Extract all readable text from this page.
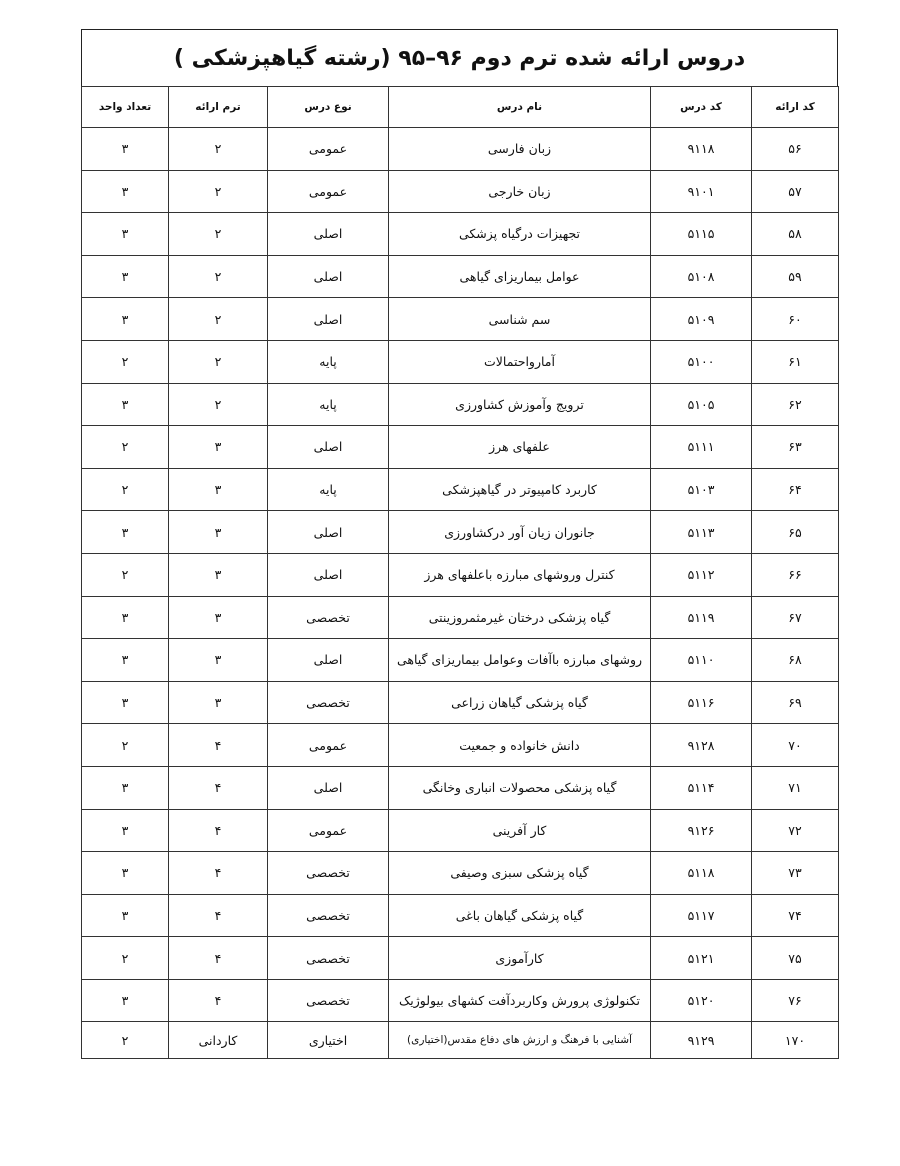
دروس ارائه شده ترم دوم ۹۶–۹۵ (رشته گیاهپزشکی )
کد ارائه	کد درس	نام درس	نوع درس	ترم ارائه	تعداد واحد
۵۶	۹۱۱۸	زبان فارسی	عمومی	۲	۳
۵۷	۹۱۰۱	زبان خارجی	عمومی	۲	۳
۵۸	۵۱۱۵	تجهیزات درگیاه پزشکی	اصلی	۲	۳
۵۹	۵۱۰۸	عوامل بیماریزای گیاهی	اصلی	۲	۳
۶۰	۵۱۰۹	سم شناسی	اصلی	۲	۳
۶۱	۵۱۰۰	آمارواحتمالات	پایه	۲	۲
۶۲	۵۱۰۵	ترویج وآموزش کشاورزی	پایه	۲	۳
۶۳	۵۱۱۱	علفهای هرز	اصلی	۳	۲
۶۴	۵۱۰۳	کاربرد کامپیوتر در گیاهپزشکی	پایه	۳	۲
۶۵	۵۱۱۳	جانوران زیان آور درکشاورزی	اصلی	۳	۳
۶۶	۵۱۱۲	کنترل وروشهای مبارزه باعلفهای هرز	اصلی	۳	۲
۶۷	۵۱۱۹	گیاه پزشکی درختان غیرمثمروزینتی	تخصصی	۳	۳
۶۸	۵۱۱۰	روشهای مبارزه باآفات وعوامل بیماریزای گیاهی	اصلی	۳	۳
۶۹	۵۱۱۶	گیاه پزشکی گیاهان زراعی	تخصصی	۳	۳
۷۰	۹۱۲۸	دانش خانواده و جمعیت	عمومی	۴	۲
۷۱	۵۱۱۴	گیاه پزشکی محصولات انباری وخانگی	اصلی	۴	۳
۷۲	۹۱۲۶	کار آفرینی	عمومی	۴	۳
۷۳	۵۱۱۸	گیاه پزشکی سبزی وصیفی	تخصصی	۴	۳
۷۴	۵۱۱۷	گیاه پزشکی گیاهان باغی	تخصصی	۴	۳
۷۵	۵۱۲۱	کارآموزی	تخصصی	۴	۲
۷۶	۵۱۲۰	تکنولوژی پرورش وکاربردآفت کشهای بیولوژیک	تخصصی	۴	۳
۱۷۰	۹۱۲۹	آشنایی با فرهنگ و ارزش های دفاع مقدس(اختیاری)	اختیاری	کاردانی	۲
